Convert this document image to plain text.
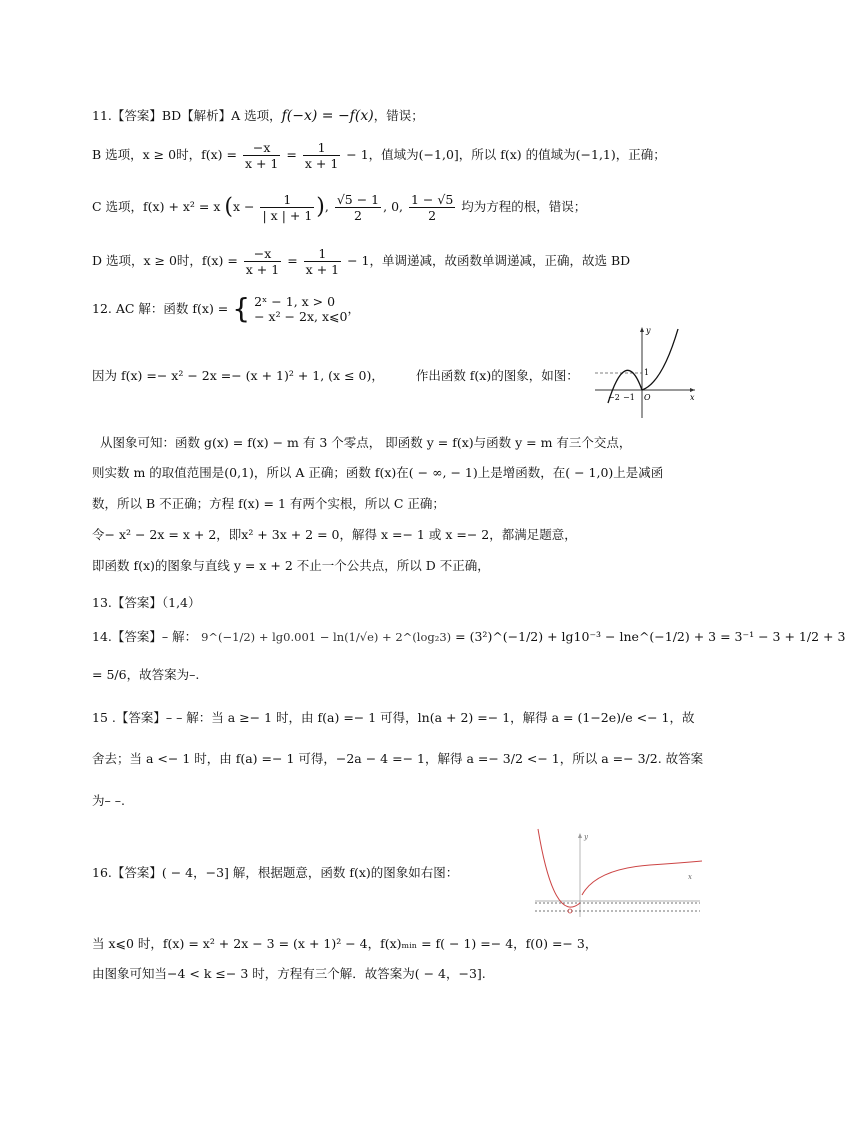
11.【答案】BD【解析】A 选项，f(−x) = −f(x)，错误；
B 选项，x ≥ 0时，$f(x) = \frac{-x}{x + 1} = \frac{1}{x + 1} - 1$，值域为(−1,0]，所以 f(x) 的值域为(−1,1)，正确；
C 选项，f(x) + x² = x ($x - \frac{1}{| x | + 1}$ ), $\frac{√5 - 1}{2}$ , 0, $\frac{1 - √5}{2}$ 均为方程的根，错误；
D 选项，x ≥ 0时，$f(x) = \frac{-x}{x + 1} = \frac{1}{x + 1} - 1$，单调递减，故函数单调递减，正确，故选 BD
12. AC 解：函数 f(x) = { 2ˣ − 1, x > 0
− x² − 2x, x⩽0
，
因为 f(x) =− x² − 2x =− (x + 1)² + 1, (x ≤ 0)，	作出函数 f(x)的图象，如图：
y
x
O
1
−2 −1
从图象可知：函数 g(x) = f(x) − m 有 3 个零点， 即函数 y = f(x)与函数 y = m 有三个交点，
则实数 m 的取值范围是(0,1)，所以 A 正确；函数 f(x)在( − ∞, − 1)上是增函数，在( − 1,0)上是减函
数，所以 B 不正确；方程 f(x) = 1 有两个实根，所以 C 正确；
令− x² − 2x = x + 2，即x² + 3x + 2 = 0，解得 x =− 1 或 x =− 2，都满足题意，
即函数 f(x)的图象与直线 y = x + 2 不止一个公共点，所以 D 不正确，
13.【答案】（1,4）
14.【答案】– 解： 9^(−1/2) + lg0.001 − ln(1/√e) + 2^(log₂3) = (3²)^(−1/2) + lg10⁻³ − lne^(−1/2) + 3 = 3⁻¹ − 3 + 1/2 + 3
= 5/6，故答案为–.
15 .【答案】– – 解：当 a ≥− 1 时，由 f(a) =− 1 可得，ln(a + 2) =− 1，解得 a = (1−2e)/e <− 1，故
舍去；当 a <− 1 时，由 f(a) =− 1 可得，−2a − 4 =− 1，解得 a =− 3/2 <− 1，所以 a =− 3/2. 故答案
为– –.
16.【答案】( − 4，−3] 解，根据题意，函数 f(x)的图象如右图：
y
x
当 x⩽0 时，f(x) = x² + 2x − 3 = (x + 1)² − 4，f(x)ₘᵢₙ = f( − 1) =− 4，f(0) =− 3，
由图象可知当−4 < k ≤− 3 时，方程有三个解．故答案为( − 4，−3].
